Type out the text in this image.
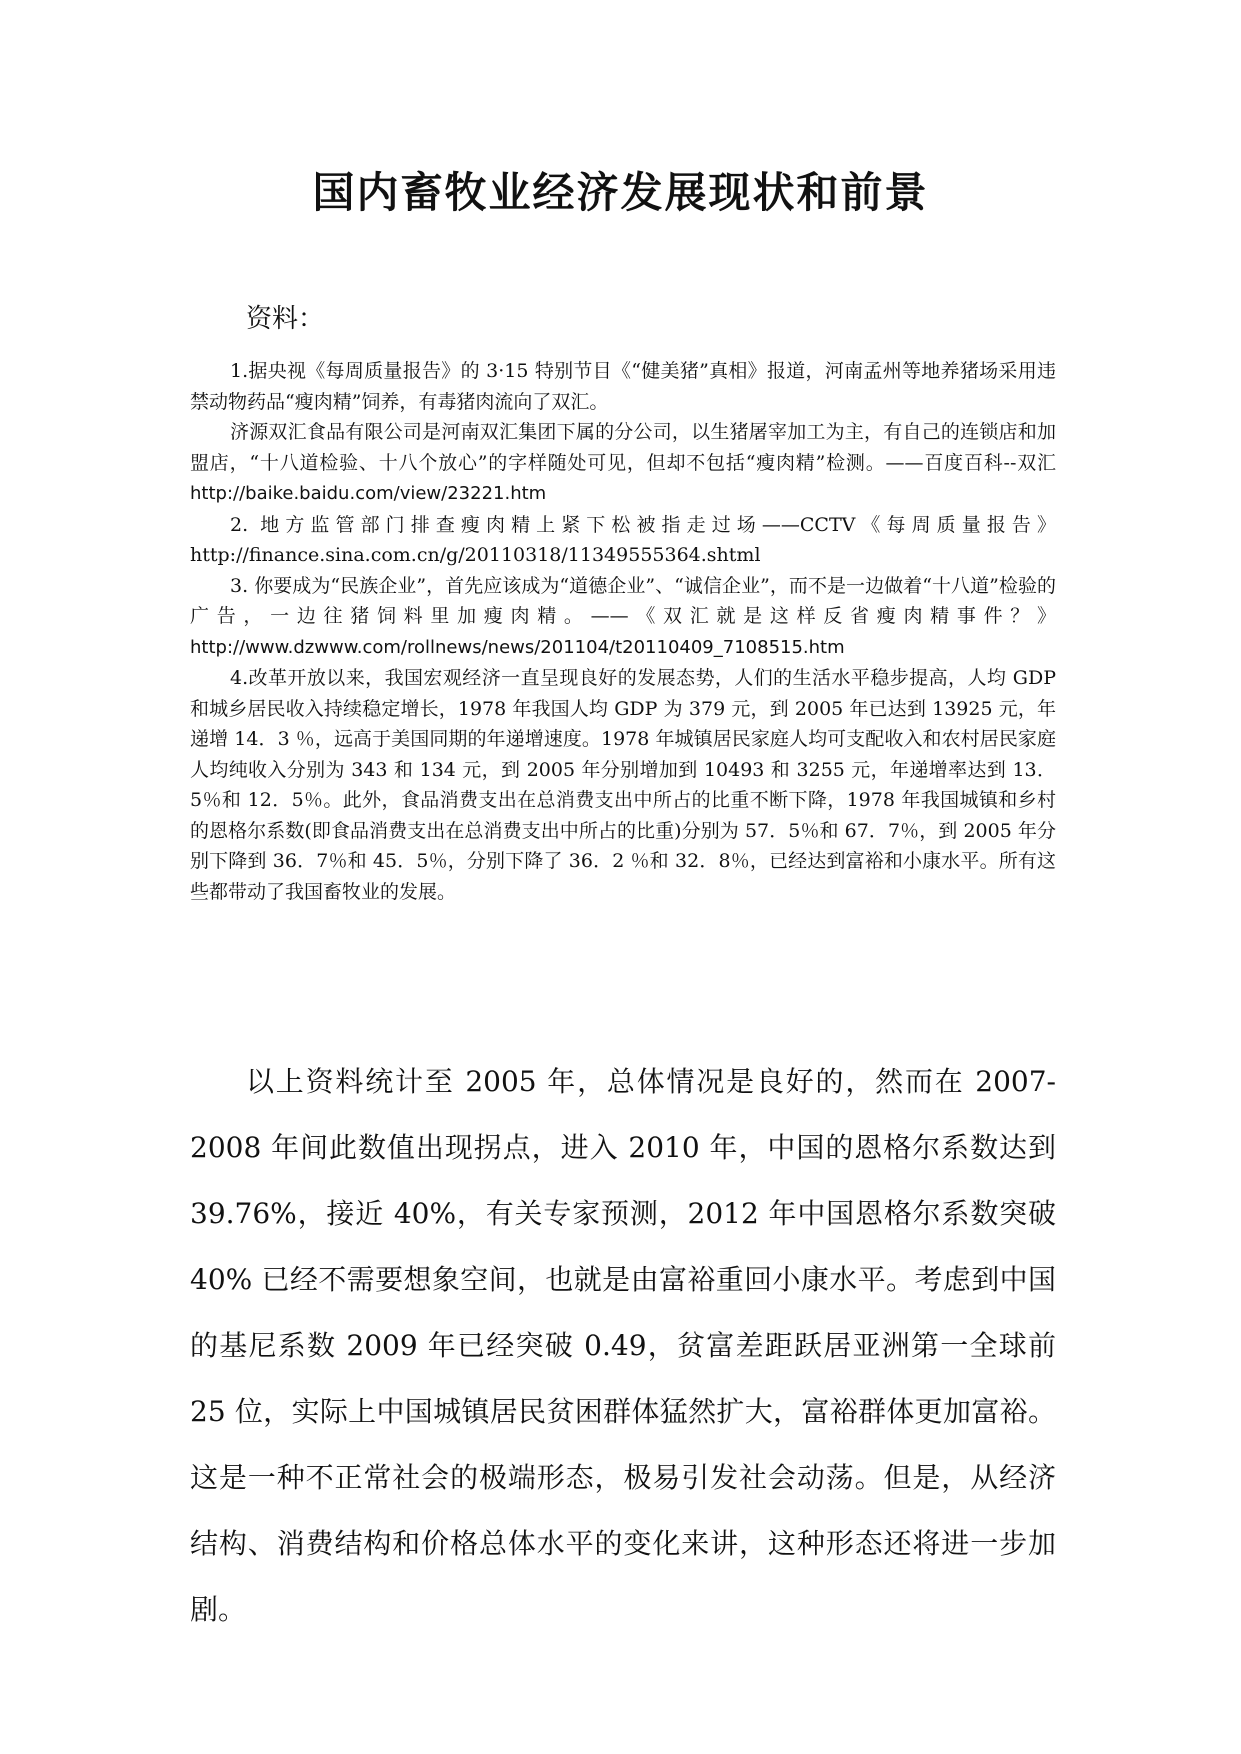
国内畜牧业经济发展现状和前景

资料：

1.据央视《每周质量报告》的 3·15 特别节目《“健美猪”真相》报道，河南孟州等地养猪场采用违禁动物药品“瘦肉精”饲养，有毒猪肉流向了双汇。

济源双汇食品有限公司是河南双汇集团下属的分公司，以生猪屠宰加工为主，有自己的连锁店和加盟店，“十八道检验、十八个放心”的字样随处可见，但却不包括“瘦肉精”检测。——百度百科--双汇 http://baike.baidu.com/view/23221.htm

2. 地方监管部门排查瘦肉精上紧下松被指走过场——CCTV《每周质量报告》 http://finance.sina.com.cn/g/20110318/11349555364.shtml

3. 你要成为“民族企业”，首先应该成为“道德企业”、“诚信企业”，而不是一边做着“十八道”检验的广告，一边往猪饲料里加瘦肉精。——《双汇就是这样反省瘦肉精事件？》 http://www.dzwww.com/rollnews/news/201104/t20110409_7108515.htm

4.改革开放以来，我国宏观经济一直呈现良好的发展态势，人们的生活水平稳步提高，人均 GDP 和城乡居民收入持续稳定增长，1978 年我国人均 GDP 为 379 元，到 2005 年已达到 13925 元，年递增 14．3 ％，远高于美国同期的年递增速度。1978 年城镇居民家庭人均可支配收入和农村居民家庭人均纯收入分别为 343 和 134 元，到 2005 年分别增加到 10493 和 3255 元，年递增率达到 13．5％和 12．5％。此外，食品消费支出在总消费支出中所占的比重不断下降，1978 年我国城镇和乡村的恩格尔系数(即食品消费支出在总消费支出中所占的比重)分别为 57．5％和 67．7％，到 2005 年分别下降到 36．7％和 45．5％，分别下降了 36．2 ％和 32．8％，已经达到富裕和小康水平。所有这些都带动了我国畜牧业的发展。

以上资料统计至 2005 年，总体情况是良好的，然而在 2007-2008 年间此数值出现拐点，进入 2010 年，中国的恩格尔系数达到 39.76%，接近 40%，有关专家预测，2012 年中国恩格尔系数突破 40% 已经不需要想象空间，也就是由富裕重回小康水平。考虑到中国的基尼系数 2009 年已经突破 0.49，贫富差距跃居亚洲第一全球前 25 位，实际上中国城镇居民贫困群体猛然扩大，富裕群体更加富裕。这是一种不正常社会的极端形态，极易引发社会动荡。但是，从经济结构、消费结构和价格总体水平的变化来讲，这种形态还将进一步加剧。
